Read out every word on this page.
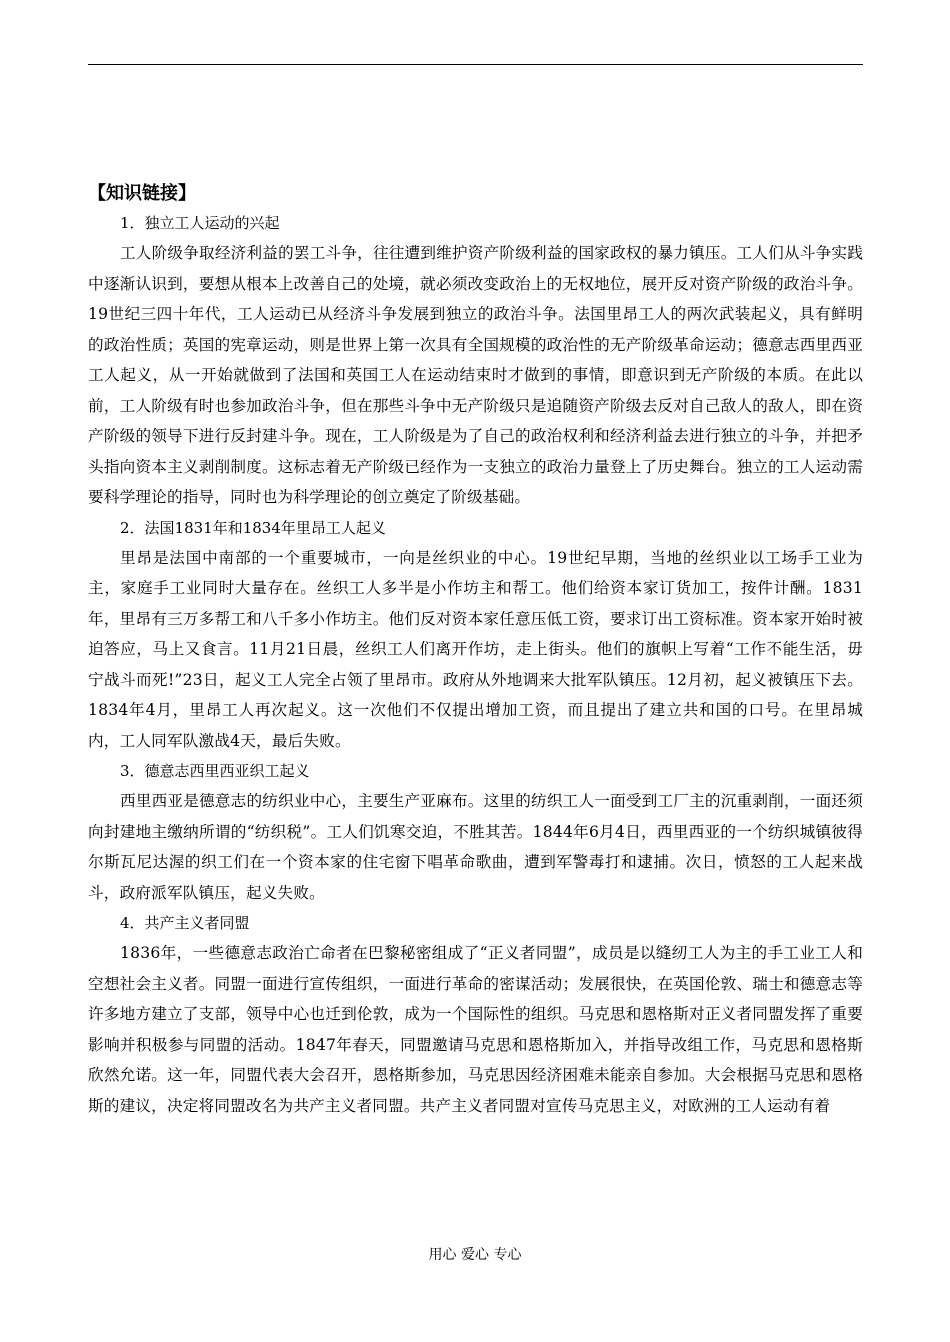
【知识链接】

1．独立工人运动的兴起

工人阶级争取经济利益的罢工斗争，往往遭到维护资产阶级利益的国家政权的暴力镇压。工人们从斗争实践中逐渐认识到，要想从根本上改善自己的处境，就必须改变政治上的无权地位，展开反对资产阶级的政治斗争。19世纪三四十年代，工人运动已从经济斗争发展到独立的政治斗争。法国里昂工人的两次武装起义，具有鲜明的政治性质；英国的宪章运动，则是世界上第一次具有全国规模的政治性的无产阶级革命运动；德意志西里西亚工人起义，从一开始就做到了法国和英国工人在运动结束时才做到的事情，即意识到无产阶级的本质。在此以前，工人阶级有时也参加政治斗争，但在那些斗争中无产阶级只是追随资产阶级去反对自己敌人的敌人，即在资产阶级的领导下进行反封建斗争。现在，工人阶级是为了自己的政治权利和经济利益去进行独立的斗争，并把矛头指向资本主义剥削制度。这标志着无产阶级已经作为一支独立的政治力量登上了历史舞台。独立的工人运动需要科学理论的指导，同时也为科学理论的创立奠定了阶级基础。

2．法国1831年和1834年里昂工人起义

里昂是法国中南部的一个重要城市，一向是丝织业的中心。19世纪早期，当地的丝织业以工场手工业为主，家庭手工业同时大量存在。丝织工人多半是小作坊主和帮工。他们给资本家订货加工，按件计酬。1831年，里昂有三万多帮工和八千多小作坊主。他们反对资本家任意压低工资，要求订出工资标准。资本家开始时被迫答应，马上又食言。11月21日晨，丝织工人们离开作坊，走上街头。他们的旗帜上写着“工作不能生活，毋宁战斗而死!”23日，起义工人完全占领了里昂市。政府从外地调来大批军队镇压。12月初，起义被镇压下去。1834年4月，里昂工人再次起义。这一次他们不仅提出增加工资，而且提出了建立共和国的口号。在里昂城内，工人同军队激战4天，最后失败。

3．德意志西里西亚织工起义

西里西亚是德意志的纺织业中心，主要生产亚麻布。这里的纺织工人一面受到工厂主的沉重剥削，一面还须向封建地主缴纳所谓的“纺织税”。工人们饥寒交迫，不胜其苦。1844年6月4日，西里西亚的一个纺织城镇彼得尔斯瓦尼达渥的织工们在一个资本家的住宅窗下唱革命歌曲，遭到军警毒打和逮捕。次日，愤怒的工人起来战斗，政府派军队镇压，起义失败。

4．共产主义者同盟

1836年，一些德意志政治亡命者在巴黎秘密组成了“正义者同盟”，成员是以缝纫工人为主的手工业工人和空想社会主义者。同盟一面进行宣传组织，一面进行革命的密谋活动；发展很快，在英国伦敦、瑞士和德意志等许多地方建立了支部，领导中心也迁到伦敦，成为一个国际性的组织。马克思和恩格斯对正义者同盟发挥了重要影响并积极参与同盟的活动。1847年春天，同盟邀请马克思和恩格斯加入，并指导改组工作，马克思和恩格斯欣然允诺。这一年，同盟代表大会召开，恩格斯参加，马克思因经济困难未能亲自参加。大会根据马克思和恩格斯的建议，决定将同盟改名为共产主义者同盟。共产主义者同盟对宣传马克思主义，对欧洲的工人运动有着

用心 爱心 专心
